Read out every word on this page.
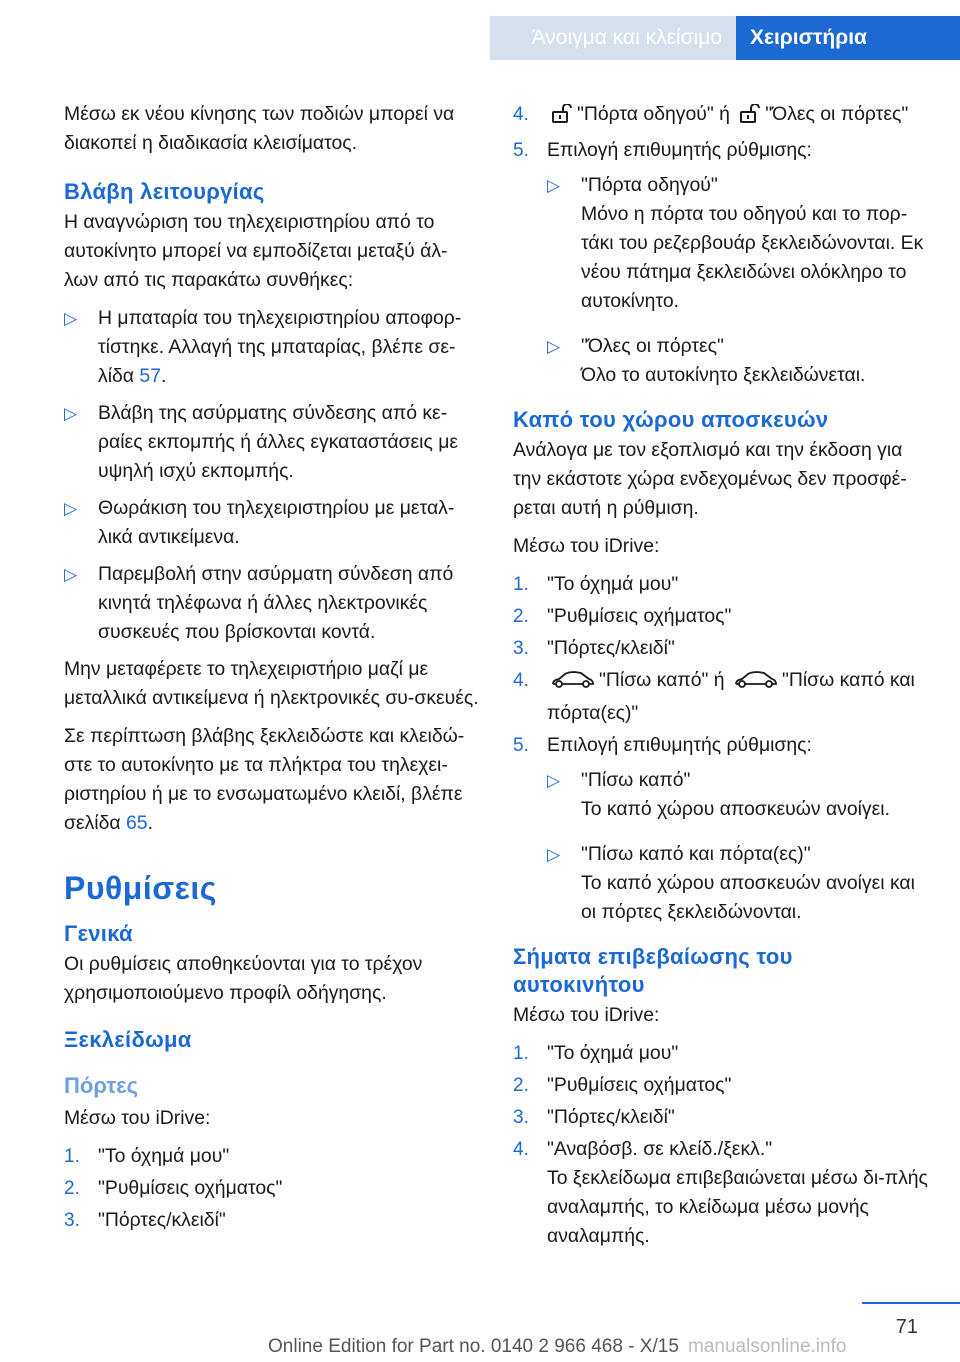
Άνοιγμα και κλείσιμο	Χειριστήρια

Μέσω εκ νέου κίνησης των ποδιών μπορεί να διακοπεί η διαδικασία κλεισίματος.

Βλάβη λειτουργίας

Η αναγνώριση του τηλεχειριστηρίου από το αυτοκίνητο μπορεί να εμποδίζεται μεταξύ άλ-λων από τις παρακάτω συνθήκες:

▷ Η μπαταρία του τηλεχειριστηρίου αποφορ-τίστηκε. Αλλαγή της μπαταρίας, βλέπε σε-λίδα 57.
▷ Βλάβη της ασύρματης σύνδεσης από κε-ραίες εκπομπής ή άλλες εγκαταστάσεις με υψηλή ισχύ εκπομπής.
▷ Θωράκιση του τηλεχειριστηρίου με μεταλ-λικά αντικείμενα.
▷ Παρεμβολή στην ασύρματη σύνδεση από κινητά τηλέφωνα ή άλλες ηλεκτρονικές συσκευές που βρίσκονται κοντά.

Μην μεταφέρετε το τηλεχειριστήριο μαζί με μεταλλικά αντικείμενα ή ηλεκτρονικές συ-σκευές.

Σε περίπτωση βλάβης ξεκλειδώστε και κλειδώ-στε το αυτοκίνητο με τα πλήκτρα του τηλεχει-ριστηρίου ή με το ενσωματωμένο κλειδί, βλέπε σελίδα 65.

Ρυθμίσεις
Γενικά

Οι ρυθμίσεις αποθηκεύονται για το τρέχον χρησιμοποιούμενο προφίλ οδήγησης.

Ξεκλείδωμα
Πόρτες

Μέσω του iDrive:

1. "Το όχημά μου"
2. "Ρυθμίσεις οχήματος"
3. "Πόρτες/κλειδί"
4. "Πόρτα οδηγού" ή "Όλες οι πόρτες"
5. Επιλογή επιθυμητής ρύθμισης:
▷ "Πόρτα οδηγού"
Μόνο η πόρτα του οδηγού και το πορ-τάκι του ρεζερβουάρ ξεκλειδώνονται. Εκ νέου πάτημα ξεκλειδώνει ολόκληρο το αυτοκίνητο.
▷ "Όλες οι πόρτες"
Όλο το αυτοκίνητο ξεκλειδώνεται.
Καπό του χώρου αποσκευών

Ανάλογα με τον εξοπλισμό και την έκδοση για την εκάστοτε χώρα ενδεχομένως δεν προσφέ-ρεται αυτή η ρύθμιση.

Μέσω του iDrive:

1. "Το όχημά μου"
2. "Ρυθμίσεις οχήματος"
3. "Πόρτες/κλειδί"
4.	"Πίσω καπό" ή	"Πίσω καπό και πόρτα(ες)"
5. Επιλογή επιθυμητής ρύθμισης:
▷ "Πίσω καπό"
Το καπό χώρου αποσκευών ανοίγει.
▷ "Πίσω καπό και πόρτα(ες)"
Το καπό χώρου αποσκευών ανοίγει και οι πόρτες ξεκλειδώνονται.
Σήματα επιβεβαίωσης του αυτοκινήτου

Μέσω του iDrive:

1. "Το όχημά μου"
2. "Ρυθμίσεις οχήματος"
3. "Πόρτες/κλειδί"
4. "Αναβόσβ. σε κλείδ./ξεκλ."
Το ξεκλείδωμα επιβεβαιώνεται μέσω δι-πλής αναλαμπής, το κλείδωμα μέσω μονής αναλαμπής.
71
Online Edition for Part no. 0140 2 966 468 - X/15 manualsonline.info
